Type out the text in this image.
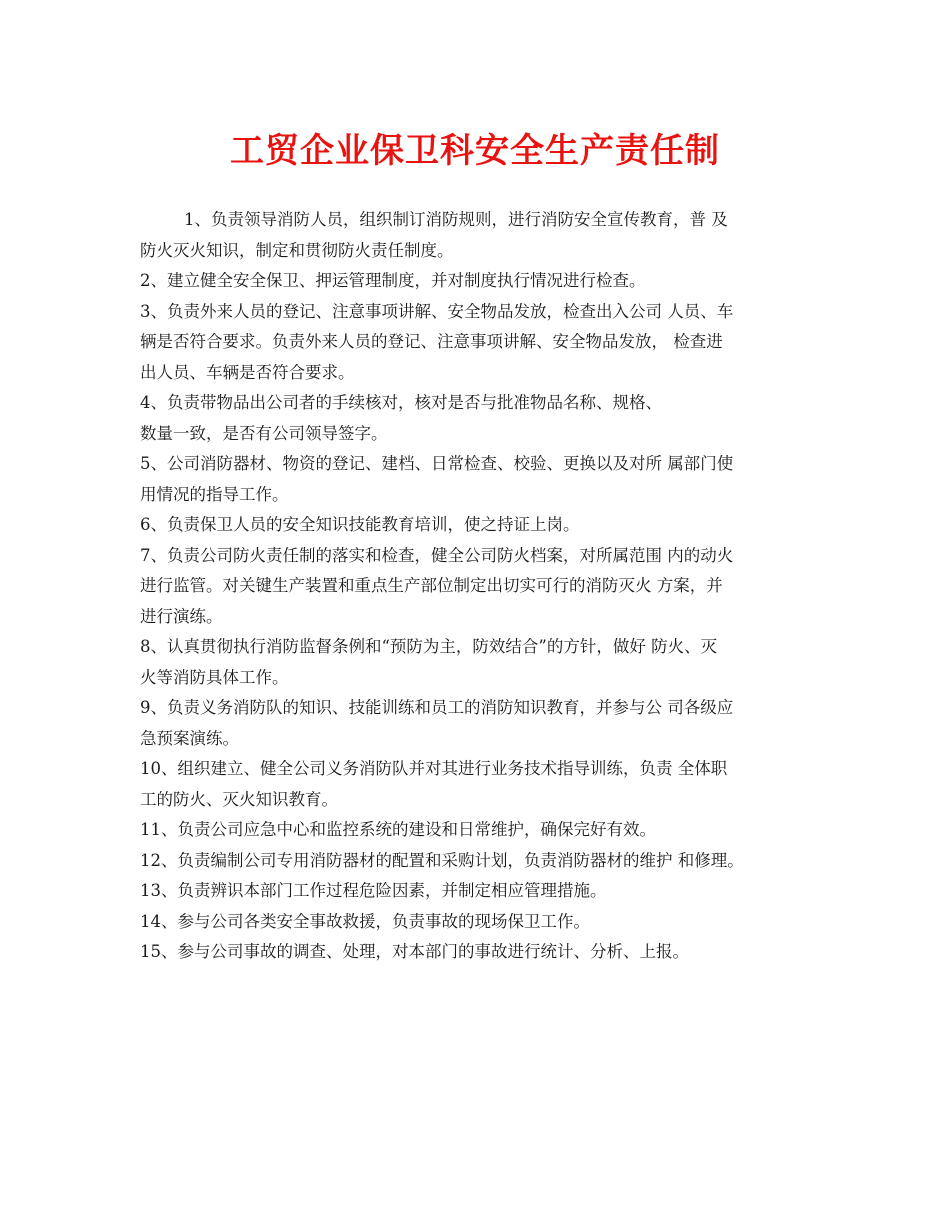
工贸企业保卫科安全生产责任制

1、负责领导消防人员，组织制订消防规则，进行消防安全宣传教育，普 及
防火灭火知识，制定和贯彻防火责任制度。

2、建立健全安全保卫、押运管理制度，并对制度执行情况进行检查。

3、负责外来人员的登记、注意事项讲解、安全物品发放，检查出入公司 人员、车
辆是否符合要求。负责外来人员的登记、注意事项讲解、安全物品发放， 检查进
出人员、车辆是否符合要求。

4、负责带物品出公司者的手续核对，核对是否与批准物品名称、规格、
数量一致，是否有公司领导签字。

5、公司消防器材、物资的登记、建档、日常检查、校验、更换以及对所 属部门使
用情况的指导工作。

6、负责保卫人员的安全知识技能教育培训，使之持证上岗。

7、负责公司防火责任制的落实和检查，健全公司防火档案，对所属范围 内的动火
进行监管。对关键生产装置和重点生产部位制定出切实可行的消防灭火 方案，并
进行演练。

8、认真贯彻执行消防监督条例和“预防为主，防效结合”的方针，做好 防火、灭
火等消防具体工作。

9、负责义务消防队的知识、技能训练和员工的消防知识教育，并参与公 司各级应
急预案演练。

10、组织建立、健全公司义务消防队并对其进行业务技术指导训练，负责 全体职
工的防火、灭火知识教育。

11、负责公司应急中心和监控系统的建设和日常维护，确保完好有效。

12、负责编制公司专用消防器材的配置和采购计划，负责消防器材的维护 和修理。

13、负责辨识本部门工作过程危险因素，并制定相应管理措施。

14、参与公司各类安全事故救援，负责事故的现场保卫工作。

15、参与公司事故的调查、处理，对本部门的事故进行统计、分析、上报。
